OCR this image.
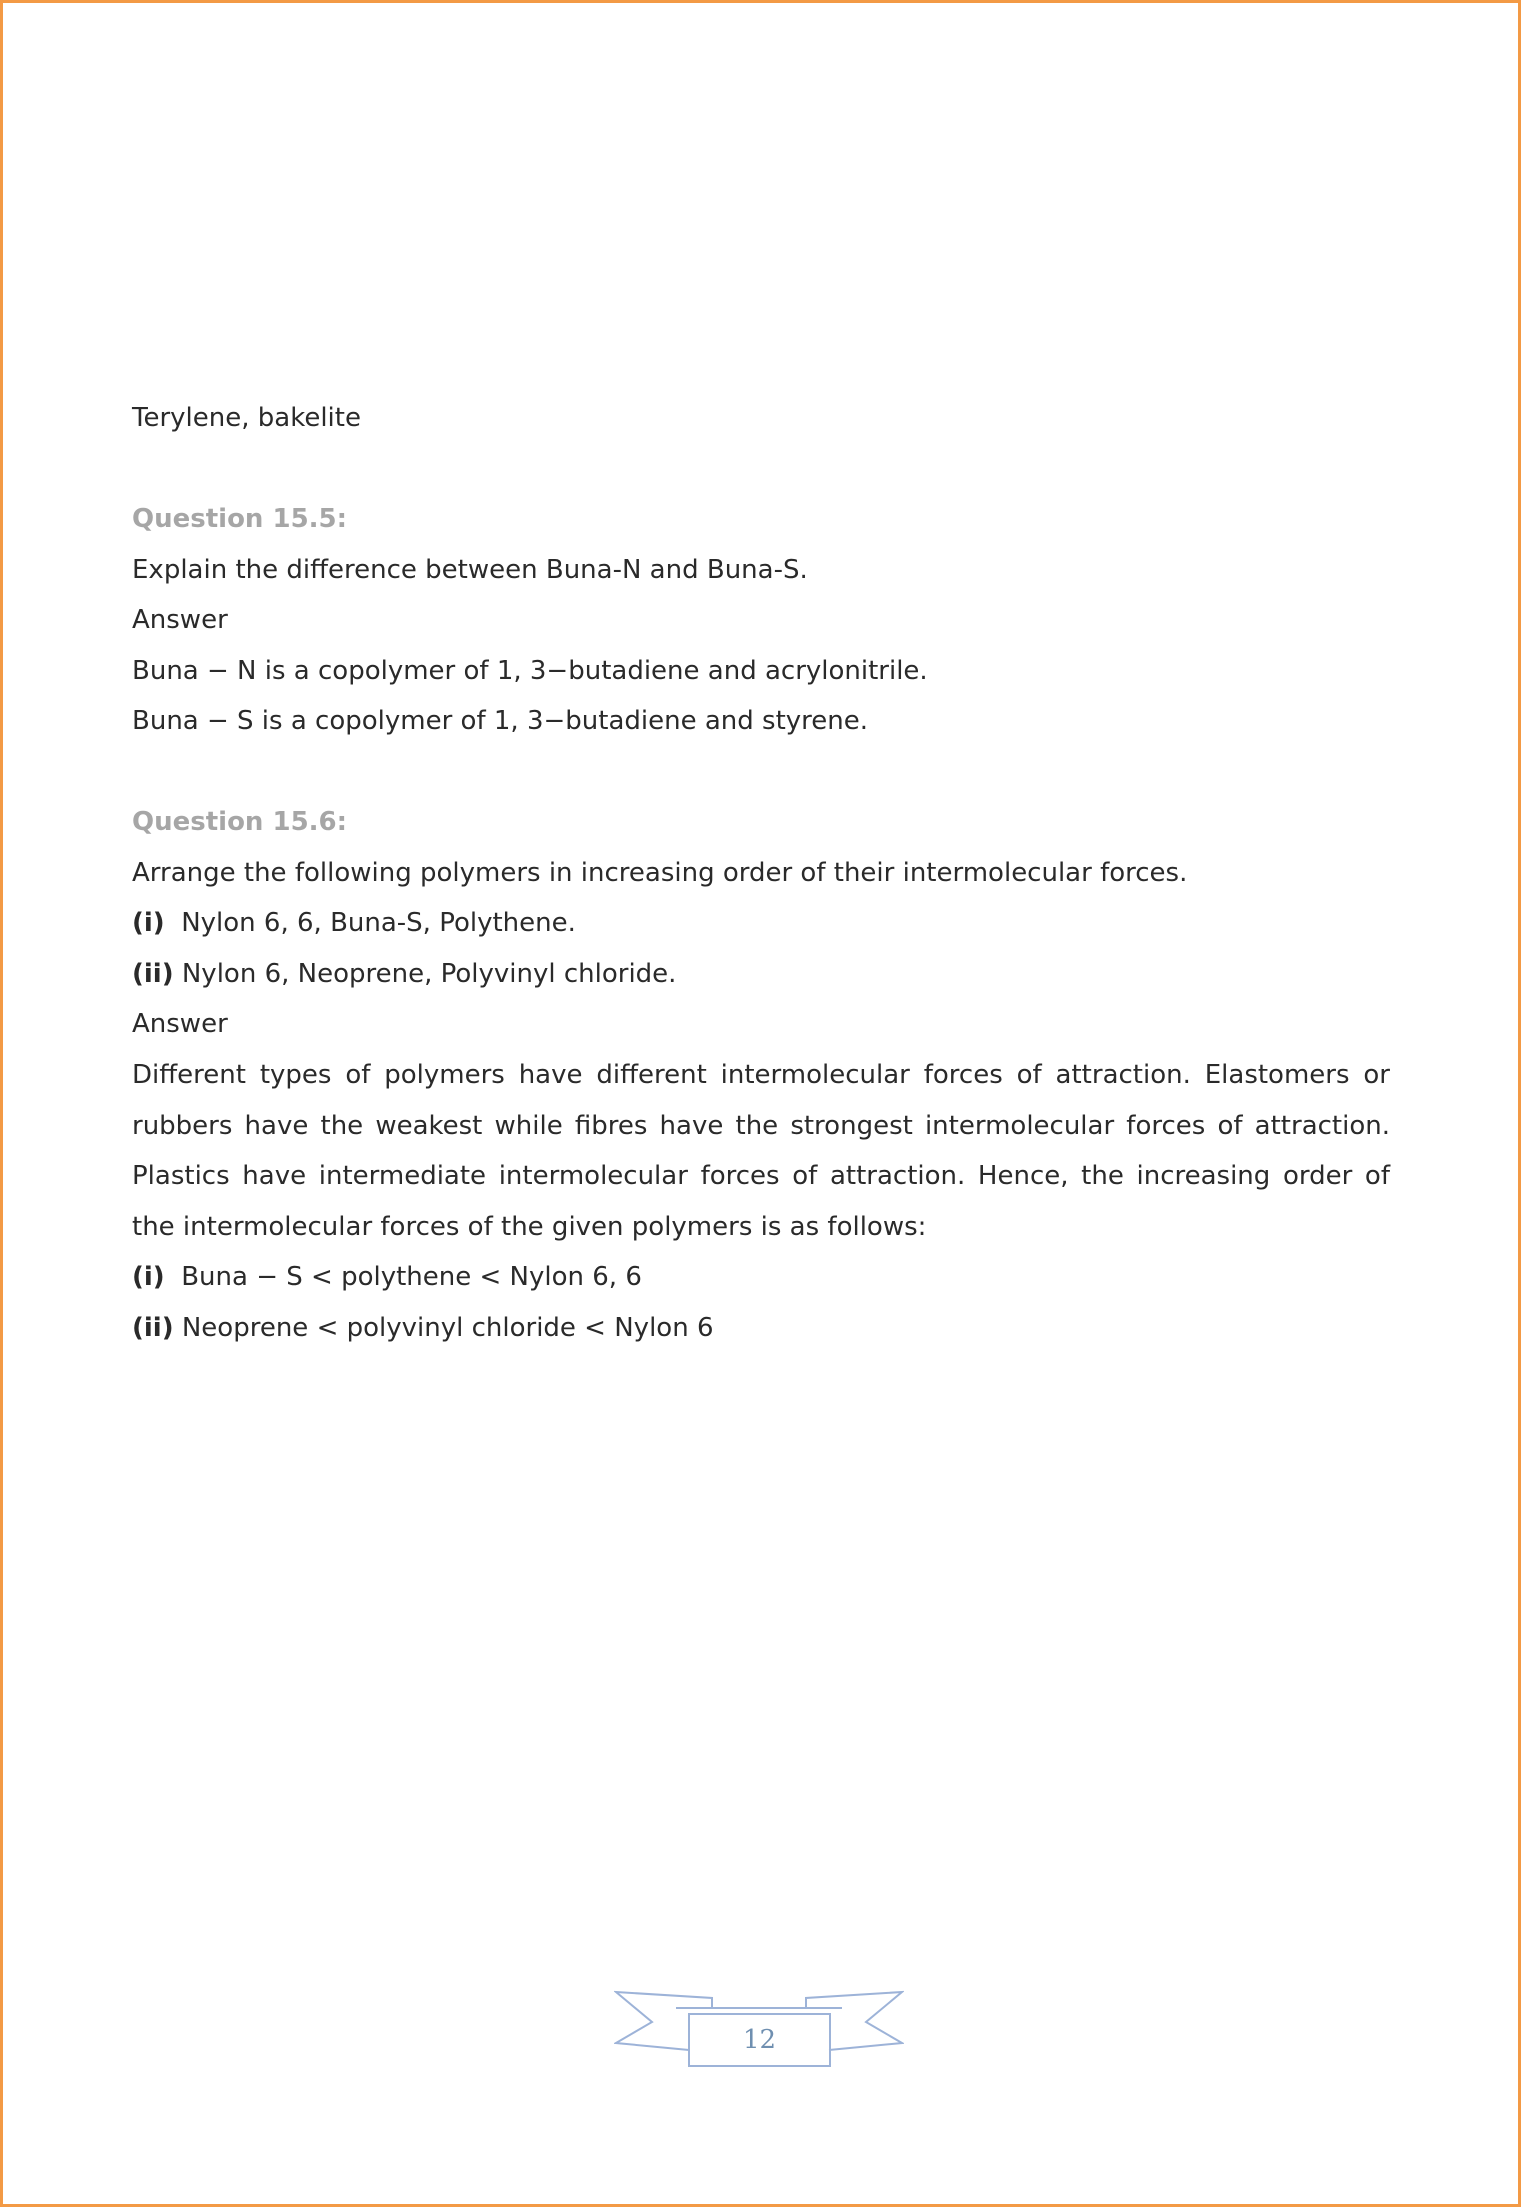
Terylene, bakelite
Question 15.5:
Explain the difference between Buna-N and Buna-S.
Answer
Buna − N is a copolymer of 1, 3−butadiene and acrylonitrile.
Buna − S is a copolymer of 1, 3−butadiene and styrene.
Question 15.6:
Arrange the following polymers in increasing order of their intermolecular forces.
(i) Nylon 6, 6, Buna-S, Polythene.
(ii) Nylon 6, Neoprene, Polyvinyl chloride.
Answer
Different types of polymers have different intermolecular forces of attraction. Elastomers or rubbers have the weakest while fibres have the strongest intermolecular forces of attraction. Plastics have intermediate intermolecular forces of attraction. Hence, the increasing order of the intermolecular forces of the given polymers is as follows:
(i) Buna − S < polythene < Nylon 6, 6
(ii) Neoprene < polyvinyl chloride < Nylon 6
12
